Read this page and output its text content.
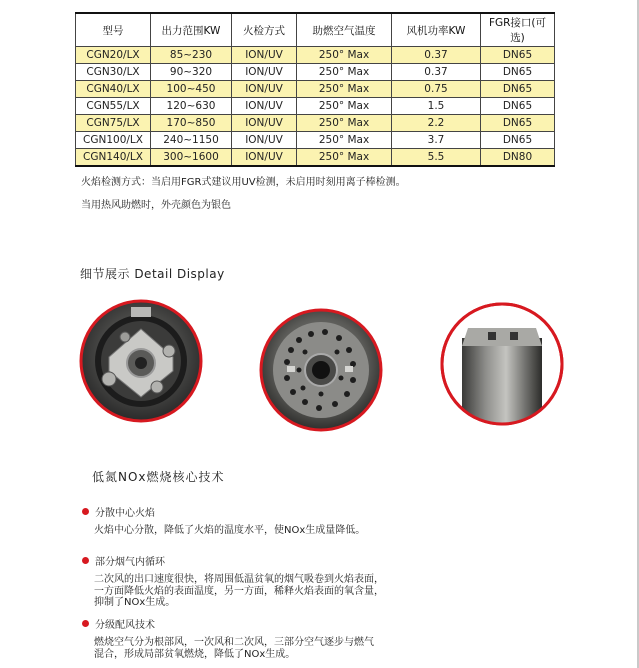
型号	出力范围KW	火检方式	助燃空气温度	风机功率KW	FGR接口(可选)
CGN20/LX	85~230	ION/UV	250° Max	0.37	DN65
CGN30/LX	90~320	ION/UV	250° Max	0.37	DN65
CGN40/LX	100~450	ION/UV	250° Max	0.75	DN65
CGN55/LX	120~630	ION/UV	250° Max	1.5	DN65
CGN75/LX	170~850	ION/UV	250° Max	2.2	DN65
CGN100/LX	240~1150	ION/UV	250° Max	3.7	DN65
CGN140/LX	300~1600	ION/UV	250° Max	5.5	DN80
火焰检测方式：当启用FGR式建议用UV检测，未启用时刻用离子棒检测。
当用热风助燃时，外壳颜色为银色
细节展示 Detail Display
低氮NOx燃烧核心技术
分散中心火焰
火焰中心分散，降低了火焰的温度水平，使NOx生成量降低。
部分烟气内循环
二次风的出口速度很快，将周围低温贫氧的烟气吸卷到火焰表面，
一方面降低火焰的表面温度，另一方面，稀释火焰表面的氧含量，
抑制了NOx生成。
分级配风技术
燃烧空气分为根部风，一次风和二次风，三部分空气逐步与燃气
混合，形成局部贫氧燃烧，降低了NOx生成。
